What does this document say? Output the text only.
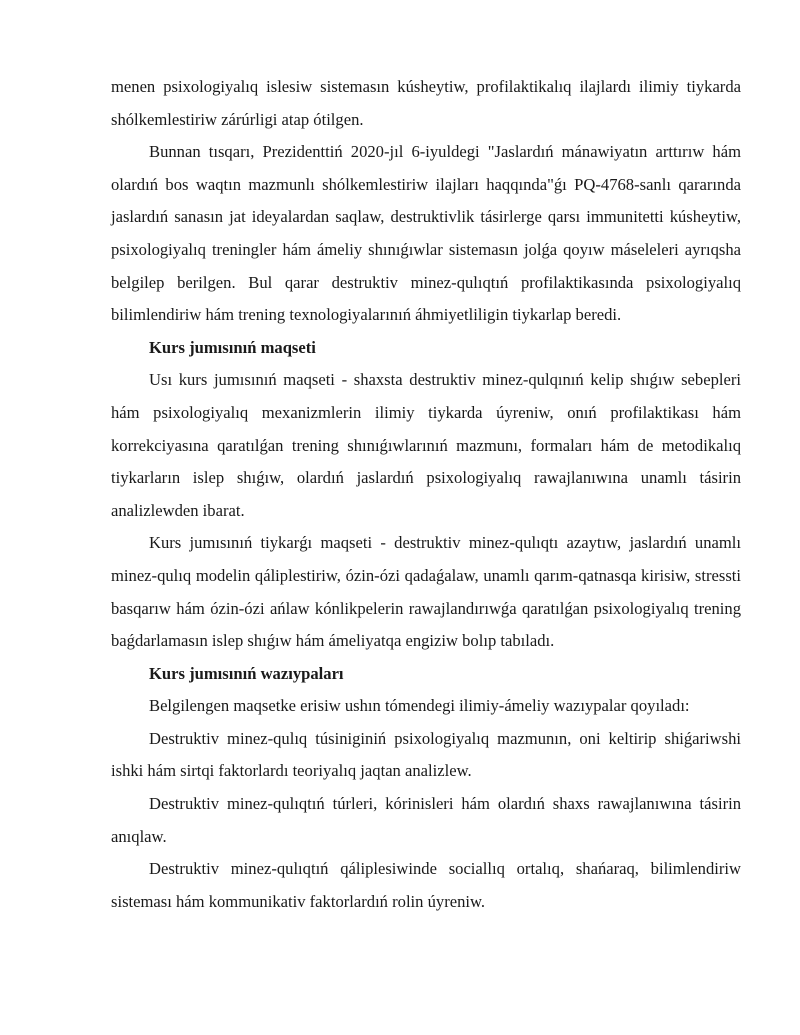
menen psixologiyalıq islesiw sistemasın kúsheytiw, profilaktikalıq ilajlardı ilimiy tiykarda shólkemlestiriw zárúrligi atap ótilgen.

Bunnan tısqarı, Prezidenttiń 2020-jıl 6-iyuldegi "Jaslardıń mánawiyatın arttırıw hám olardıń bos waqtın mazmunlı shólkemlestiriw ilajları haqqında"ǵı PQ-4768-sanlı qararında jaslardıń sanasın jat ideyalardan saqlaw, destruktivlik tásirlerge qarsı immunitetti kúsheytiw, psixologiyalıq treningler hám ámeliy shınıǵıwlar sistemasın jolǵa qoyıw máseleleri ayrıqsha belgilep berilgen. Bul qarar destruktiv minez-qulıqtıń profilaktikasında psixologiyalıq bilimlendiriw hám trening texnologiyalarınıń áhmiyetliligin tiykarlap beredi.

Kurs jumısınıń maqseti

Usı kurs jumısınıń maqseti - shaxsta destruktiv minez-qulqınıń kelip shıǵıw sebepleri hám psixologiyalıq mexanizmlerin ilimiy tiykarda úyreniw, onıń profilaktikası hám korrekciyasına qaratılǵan trening shınıǵıwlarınıń mazmunı, formaları hám de metodikalıq tiykarların islep shıǵıw, olardıń jaslardıń psixologiyalıq rawajlanıwına unamlı tásirin analizlewden ibarat.

Kurs jumısınıń tiykarǵı maqseti - destruktiv minez-qulıqtı azaytıw, jaslardıń unamlı minez-qulıq modelin qáliplestiriw, ózin-ózi qadaǵalaw, unamlı qarım-qatnasqa kirisiw, stressti basqarıw hám ózin-ózi ańlaw kónlikpelerin rawajlandırıwǵa qaratılǵan psixologiyalıq trening baǵdarlamasın islep shıǵıw hám ámeliyatqa engiziw bolıp tabıladı.

Kurs jumısınıń wazıypaları

Belgilengen maqsetke erisiw ushın tómendegi ilimiy-ámeliy wazıypalar qoyıladı:

Destruktiv minez-qulıq túsiniginiń psixologiyalıq mazmunın, oni keltirip shiǵariwshi ishki hám sirtqi faktorlardı teoriyalıq jaqtan analizlew.

Destruktiv minez-qulıqtıń túrleri, kórinisleri hám olardıń shaxs rawajlanıwına tásirin anıqlaw.

Destruktiv minez-qulıqtıń qáliplesiwinde sociallıq ortalıq, shańaraq, bilimlendiriw sisteması hám kommunikativ faktorlardıń rolin úyreniw.
